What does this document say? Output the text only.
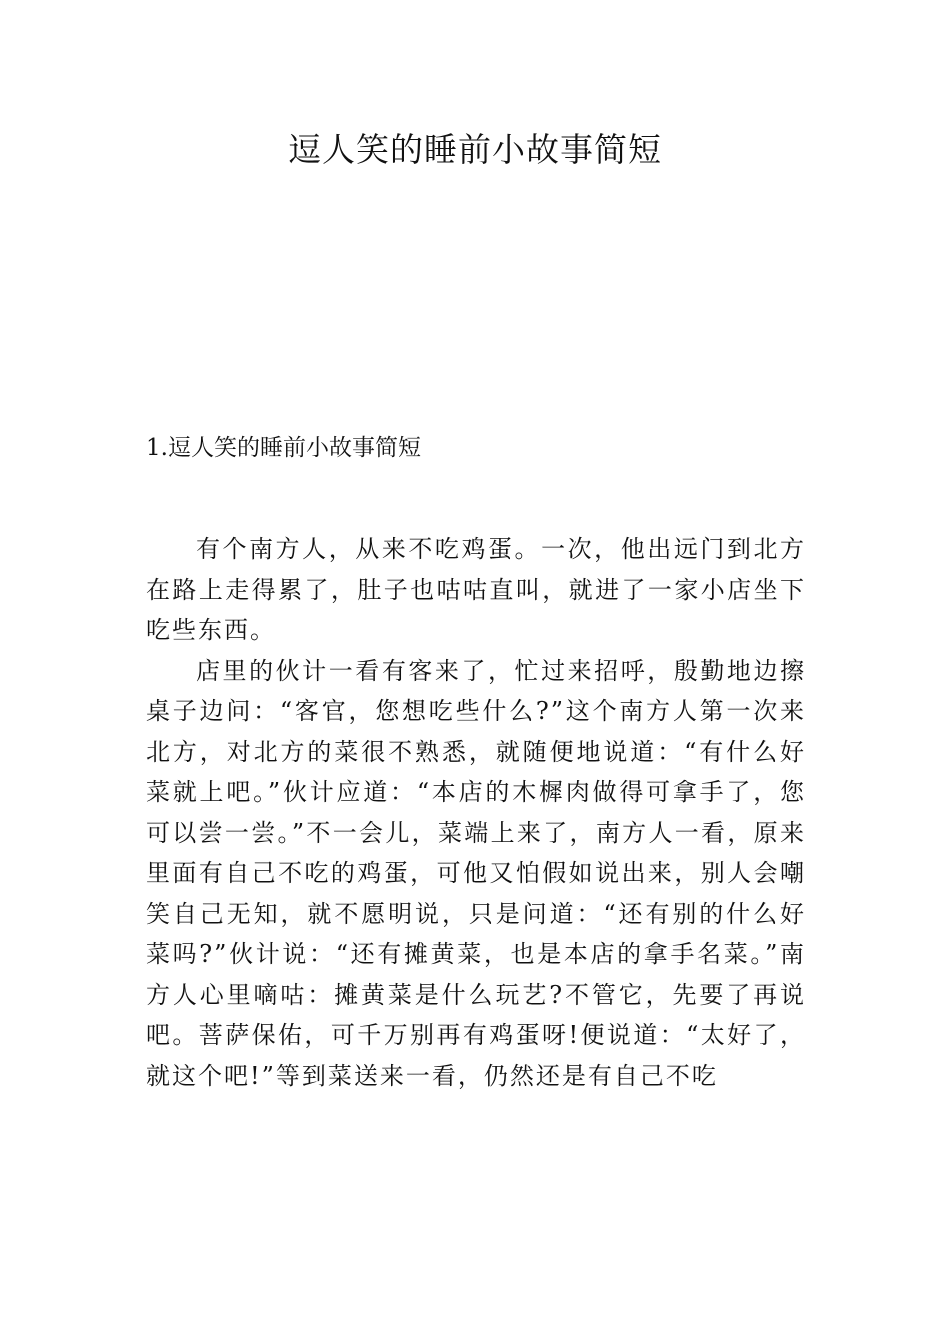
逗人笑的睡前小故事简短
1.逗人笑的睡前小故事简短

有个南方人，从来不吃鸡蛋。一次，他出远门到北方在路上走得累了，肚子也咕咕直叫，就进了一家小店坐下吃些东西。

店里的伙计一看有客来了，忙过来招呼，殷勤地边擦桌子边问：“客官，您想吃些什么?”这个南方人第一次来北方，对北方的菜很不熟悉，就随便地说道：“有什么好菜就上吧。”伙计应道：“本店的木樨肉做得可拿手了，您可以尝一尝。”不一会儿，菜端上来了，南方人一看，原来里面有自己不吃的鸡蛋，可他又怕假如说出来，别人会嘲笑自己无知，就不愿明说，只是问道：“还有别的什么好菜吗?”伙计说：“还有摊黄菜，也是本店的拿手名菜。”南方人心里嘀咕：摊黄菜是什么玩艺?不管它，先要了再说吧。菩萨保佑，可千万别再有鸡蛋呀!便说道：“太好了，就这个吧!”等到菜送来一看，仍然还是有自己不吃
